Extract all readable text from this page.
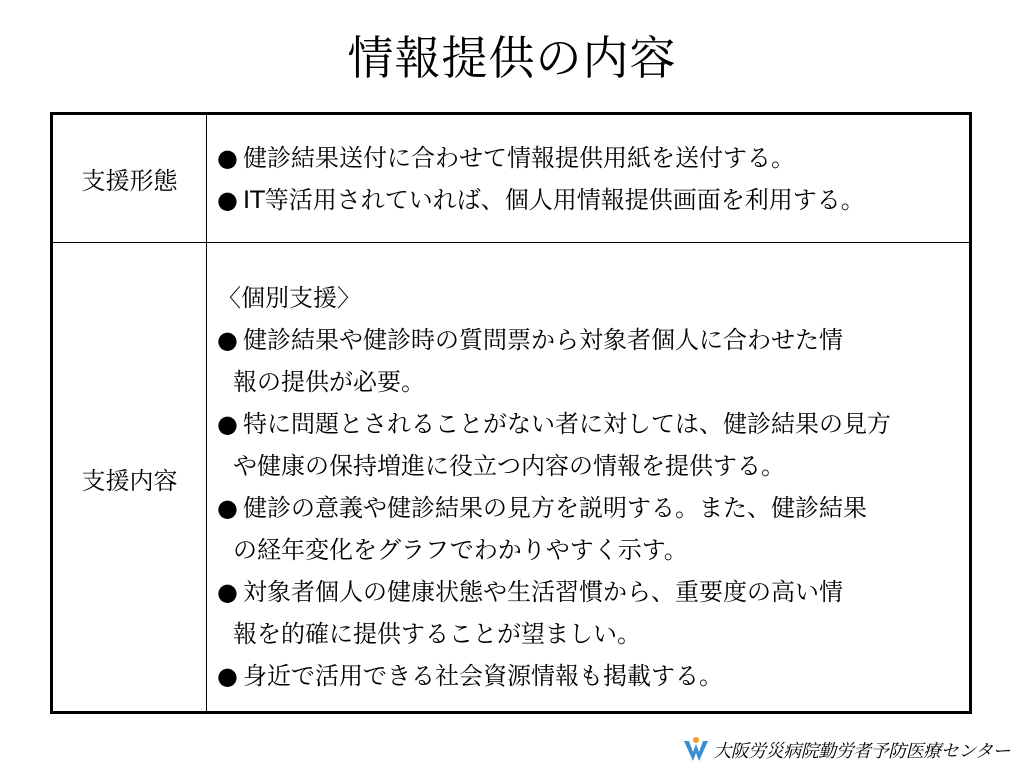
情報提供の内容
支援形態
● 健診結果送付に合わせて情報提供用紙を送付する。
● IT等活用されていれば、個人用情報提供画面を利用する。
支援内容
〈個別支援〉
● 健診結果や健診時の質問票から対象者個人に合わせた情
報の提供が必要。
● 特に問題とされることがない者に対しては、健診結果の見方
や健康の保持増進に役立つ内容の情報を提供する。
● 健診の意義や健診結果の見方を説明する。また、健診結果
の経年変化をグラフでわかりやすく示す。
● 対象者個人の健康状態や生活習慣から、重要度の高い情
報を的確に提供することが望ましい。
● 身近で活用できる社会資源情報も掲載する。
大阪労災病院勤労者予防医療センター
